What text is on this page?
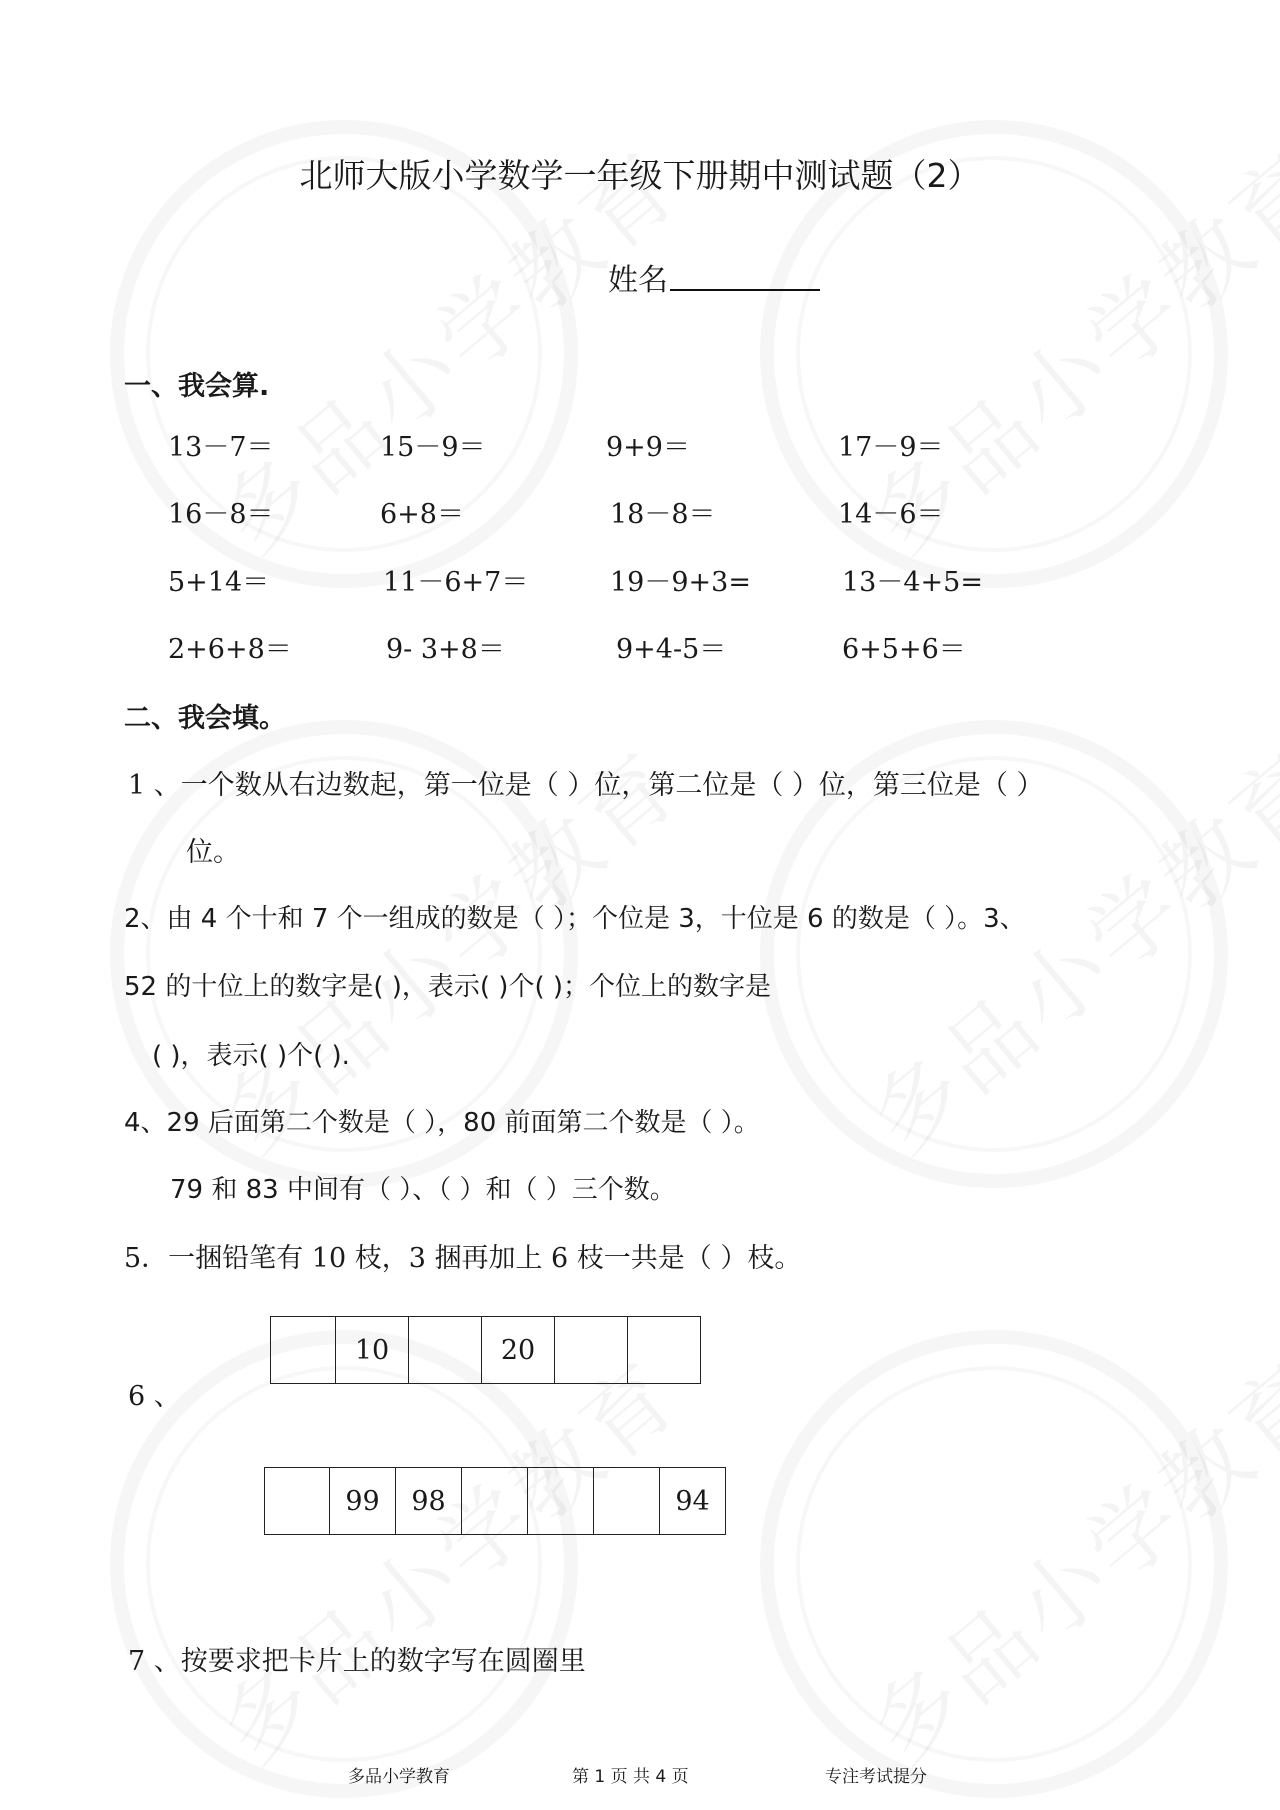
北师大版小学数学一年级下册期中测试题（2）
姓名
一、我会算.
13－7＝	15－9＝	9+9＝	17－9＝
16－8＝	6+8＝	18－8＝	14－6＝
5+14＝	11－6+7＝	19－9+3=	13－4+5=
2+6+8＝	9- 3+8＝	9+4-5＝	6+5+6＝
二、我会填。
1 、一个数从右边数起，第一位是（ ）位，第二位是（ ）位，第三位是（ ）
位。
2、由 4 个十和 7 个一组成的数是（ ）；个位是 3，十位是 6 的数是（ ）。3、
52 的十位上的数字是( )，表示( )个( )；个位上的数字是
( )，表示( )个( ).
4、29 后面第二个数是（ ），80 前面第二个数是（ ）。
79 和 83 中间有（ ）、（ ）和（ ）三个数。
5．一捆铅笔有 10 枝，3 捆再加上 6 枝一共是（ ）枝。
6 、
	10		20		
	99	98				94
7 、按要求把卡片上的数字写在圆圈里
多品小学教育	第 1 页 共 4 页	专注考试提分
